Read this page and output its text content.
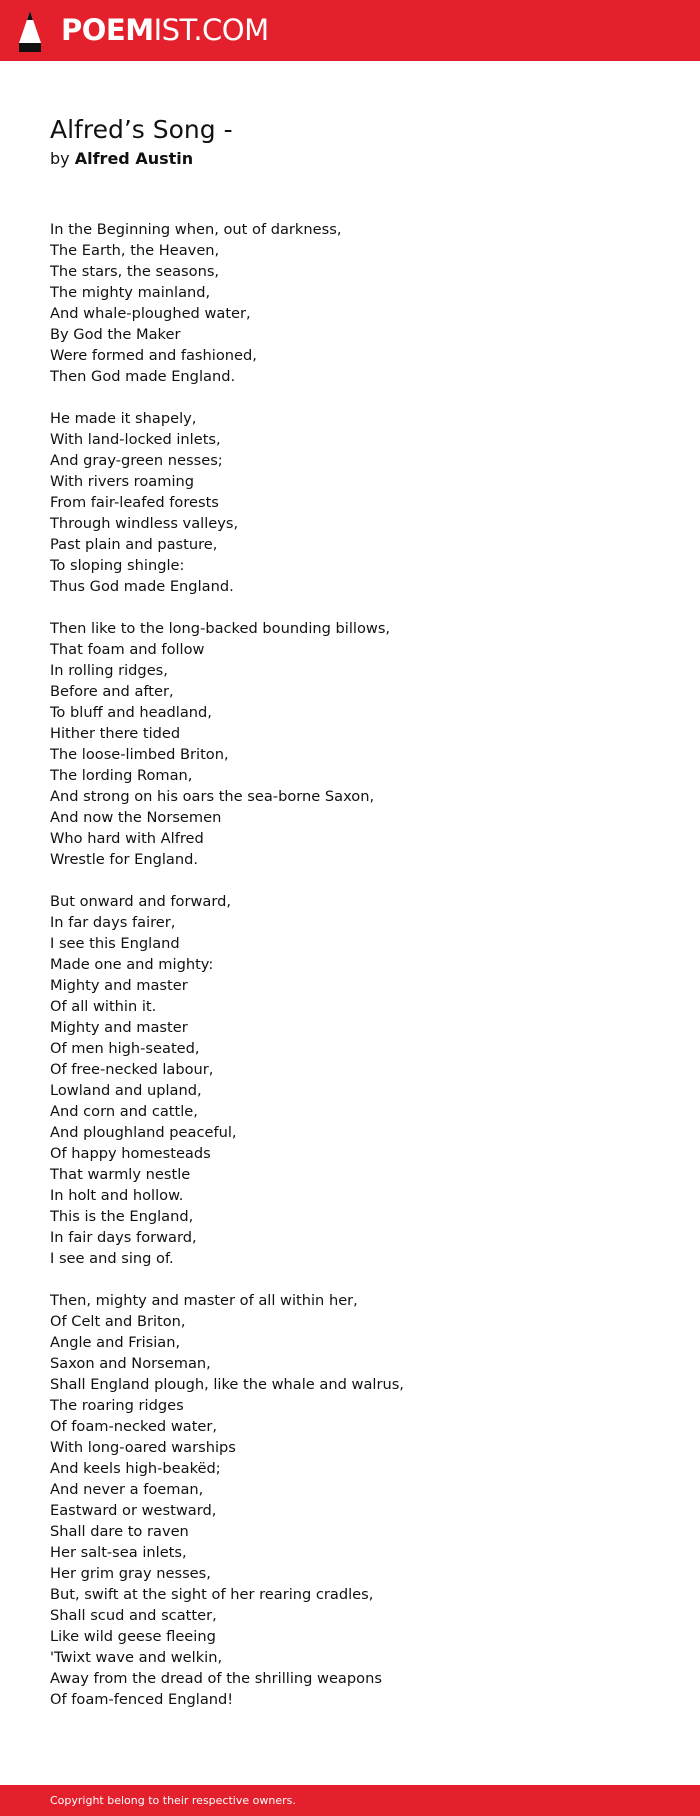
POEMIST.COM
Alfred’s Song -
by Alfred Austin
In the Beginning when, out of darkness,
The Earth, the Heaven,
The stars, the seasons,
The mighty mainland,
And whale-ploughed water,
By God the Maker
Were formed and fashioned,
Then God made England.
He made it shapely,
With land-locked inlets,
And gray-green nesses;
With rivers roaming
From fair-leafed forests
Through windless valleys,
Past plain and pasture,
To sloping shingle:
Thus God made England.
Then like to the long-backed bounding billows,
That foam and follow
In rolling ridges,
Before and after,
To bluff and headland,
Hither there tided
The loose-limbed Briton,
The lording Roman,
And strong on his oars the sea-borne Saxon,
And now the Norsemen
Who hard with Alfred
Wrestle for England.
But onward and forward,
In far days fairer,
I see this England
Made one and mighty:
Mighty and master
Of all within it.
Mighty and master
Of men high-seated,
Of free-necked labour,
Lowland and upland,
And corn and cattle,
And ploughland peaceful,
Of happy homesteads
That warmly nestle
In holt and hollow.
This is the England,
In fair days forward,
I see and sing of.
Then, mighty and master of all within her,
Of Celt and Briton,
Angle and Frisian,
Saxon and Norseman,
Shall England plough, like the whale and walrus,
The roaring ridges
Of foam-necked water,
With long-oared warships
And keels high-beakëd;
And never a foeman,
Eastward or westward,
Shall dare to raven
Her salt-sea inlets,
Her grim gray nesses,
But, swift at the sight of her rearing cradles,
Shall scud and scatter,
Like wild geese fleeing
'Twixt wave and welkin,
Away from the dread of the shrilling weapons
Of foam-fenced England!
Copyright belong to their respective owners.
